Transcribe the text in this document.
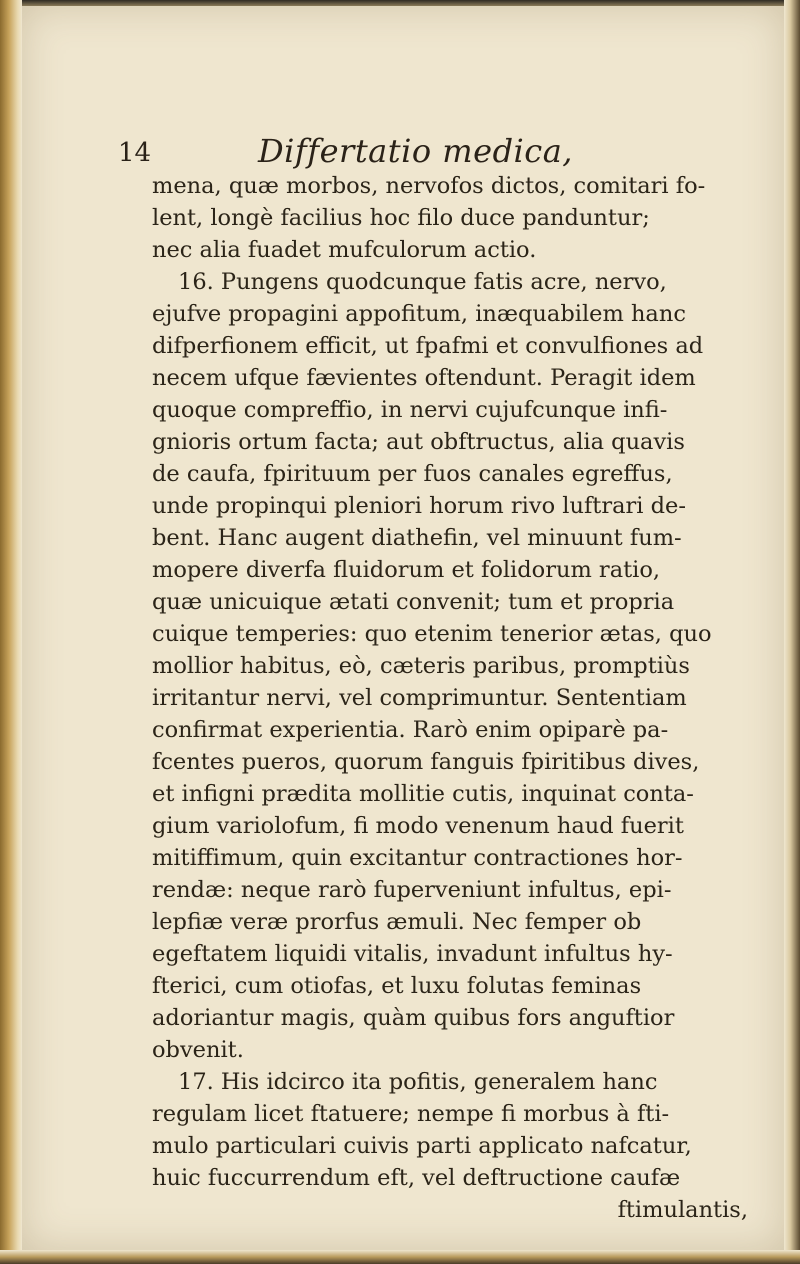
14	Differtatio medica,
mena, quæ morbos, nervofos dictos, comitari fo-
lent, longè facilius hoc filo duce panduntur;
nec alia fuadet mufculorum actio.
16. Pungens quodcunque fatis acre, nervo,
ejufve propagini appofitum, inæquabilem hanc
difperfionem efficit, ut fpafmi et convulfiones ad
necem ufque fævientes oftendunt. Peragit idem
quoque compreffio, in nervi cujufcunque infi-
gnioris ortum facta; aut obftructus, alia quavis
de caufa, fpirituum per fuos canales egreffus,
unde propinqui pleniori horum rivo luftrari de-
bent. Hanc augent diathefin, vel minuunt fum-
mopere diverfa fluidorum et folidorum ratio,
quæ unicuique ætati convenit; tum et propria
cuique temperies: quo etenim tenerior ætas, quo
mollior habitus, eò, cæteris paribus, promptiùs
irritantur nervi, vel comprimuntur. Sententiam
confirmat experientia. Rarò enim opiparè pa-
fcentes pueros, quorum fanguis fpiritibus dives,
et infigni prædita mollitie cutis, inquinat conta-
gium variolofum, fi modo venenum haud fuerit
mitiffimum, quin excitantur contractiones hor-
rendæ: neque rarò fuperveniunt infultus, epi-
lepfiæ veræ prorfus æmuli. Nec femper ob
egeftatem liquidi vitalis, invadunt infultus hy-
fterici, cum otiofas, et luxu folutas feminas
adoriantur magis, quàm quibus fors anguftior
obvenit.
17. His idcirco ita pofitis, generalem hanc
regulam licet ftatuere; nempe fi morbus à fti-
mulo particulari cuivis parti applicato nafcatur,
huic fuccurrendum eft, vel deftructione caufæ
ftimulantis,
